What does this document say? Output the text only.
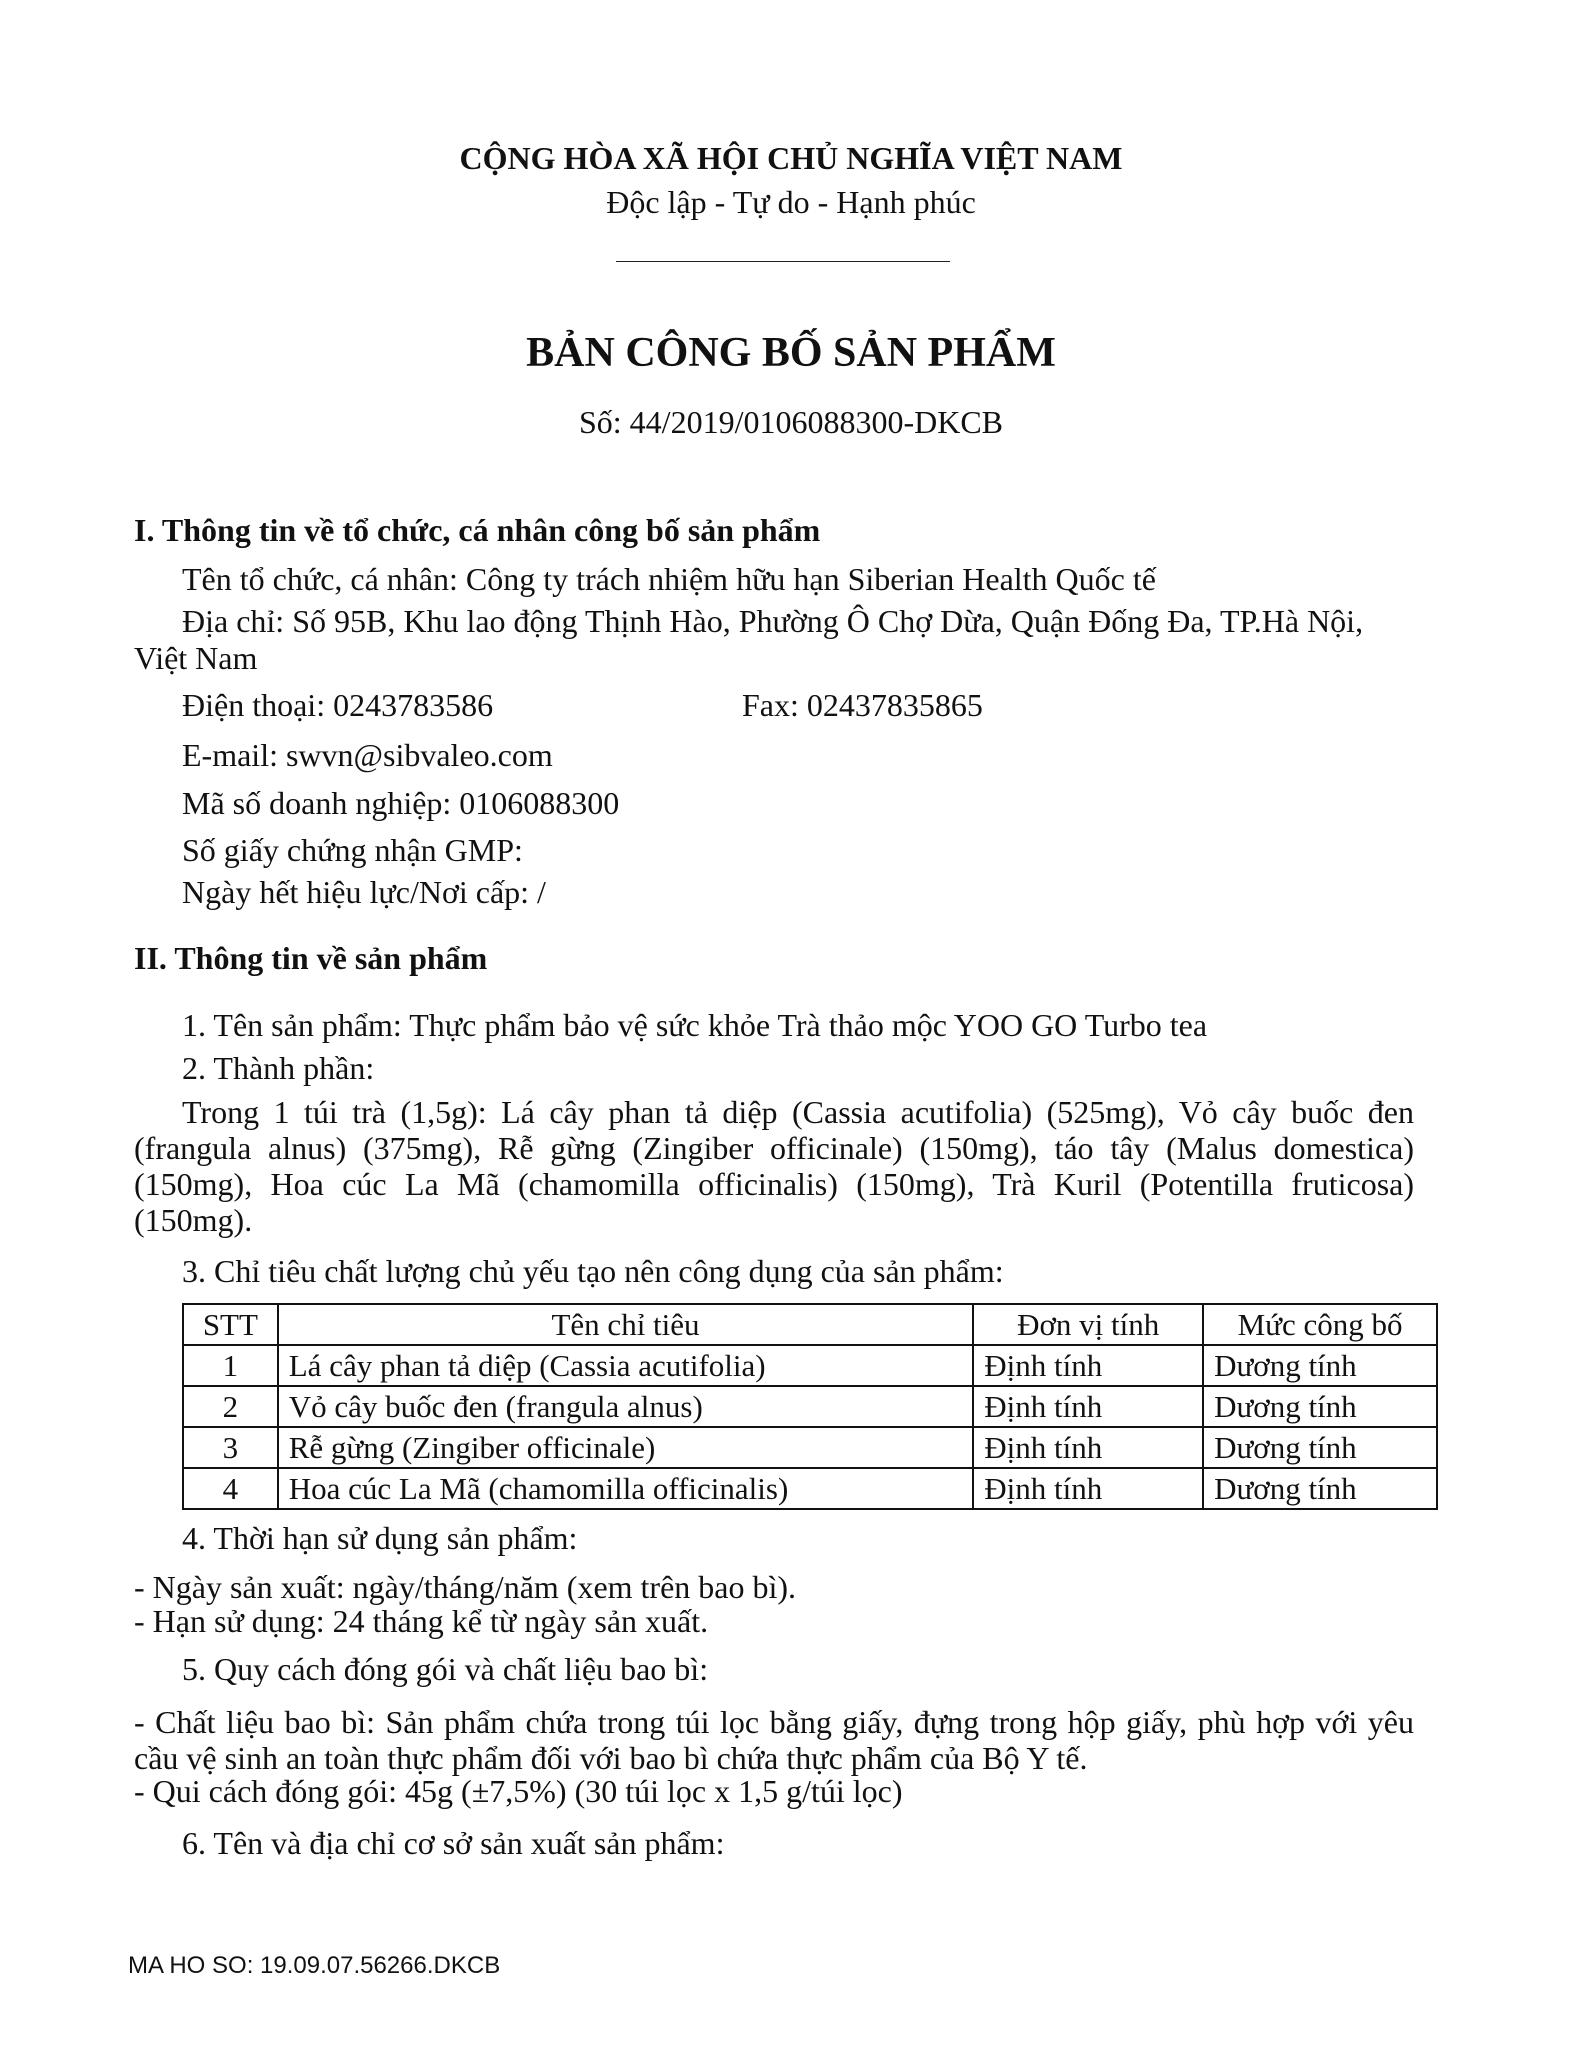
CỘNG HÒA XÃ HỘI CHỦ NGHĨA VIỆT NAM
Độc lập - Tự do - Hạnh phúc
BẢN CÔNG BỐ SẢN PHẨM
Số: 44/2019/0106088300-DKCB
I. Thông tin về tổ chức, cá nhân công bố sản phẩm
Tên tổ chức, cá nhân: Công ty trách nhiệm hữu hạn Siberian Health Quốc tế
Địa chỉ: Số 95B, Khu lao động Thịnh Hào, Phường Ô Chợ Dừa, Quận Đống Đa, TP.Hà Nội,
Việt Nam
Điện thoại: 0243783586	Fax: 02437835865
E-mail: swvn@sibvaleo.com
Mã số doanh nghiệp: 0106088300
Số giấy chứng nhận GMP:
Ngày hết hiệu lực/Nơi cấp: /
II. Thông tin về sản phẩm
1. Tên sản phẩm: Thực phẩm bảo vệ sức khỏe Trà thảo mộc YOO GO Turbo tea
2. Thành phần:
Trong 1 túi trà (1,5g): Lá cây phan tả diệp (Cassia acutifolia) (525mg), Vỏ cây buốc đen (frangula alnus) (375mg), Rễ gừng (Zingiber officinale) (150mg), táo tây (Malus domestica) (150mg), Hoa cúc La Mã (chamomilla officinalis) (150mg), Trà Kuril (Potentilla fruticosa) (150mg).
3. Chỉ tiêu chất lượng chủ yếu tạo nên công dụng của sản phẩm:
STT	Tên chỉ tiêu	Đơn vị tính	Mức công bố
1	Lá cây phan tả diệp (Cassia acutifolia)	Định tính	Dương tính
2	Vỏ cây buốc đen (frangula alnus)	Định tính	Dương tính
3	Rễ gừng (Zingiber officinale)	Định tính	Dương tính
4	Hoa cúc La Mã (chamomilla officinalis)	Định tính	Dương tính
4. Thời hạn sử dụng sản phẩm:
- Ngày sản xuất: ngày/tháng/năm (xem trên bao bì).
- Hạn sử dụng: 24 tháng kể từ ngày sản xuất.
5. Quy cách đóng gói và chất liệu bao bì:
- Chất liệu bao bì: Sản phẩm chứa trong túi lọc bằng giấy, đựng trong hộp giấy, phù hợp với yêu cầu vệ sinh an toàn thực phẩm đối với bao bì chứa thực phẩm của Bộ Y tế.
- Qui cách đóng gói: 45g (±7,5%) (30 túi lọc x 1,5 g/túi lọc)
6. Tên và địa chỉ cơ sở sản xuất sản phẩm:
MA HO SO: 19.09.07.56266.DKCB
